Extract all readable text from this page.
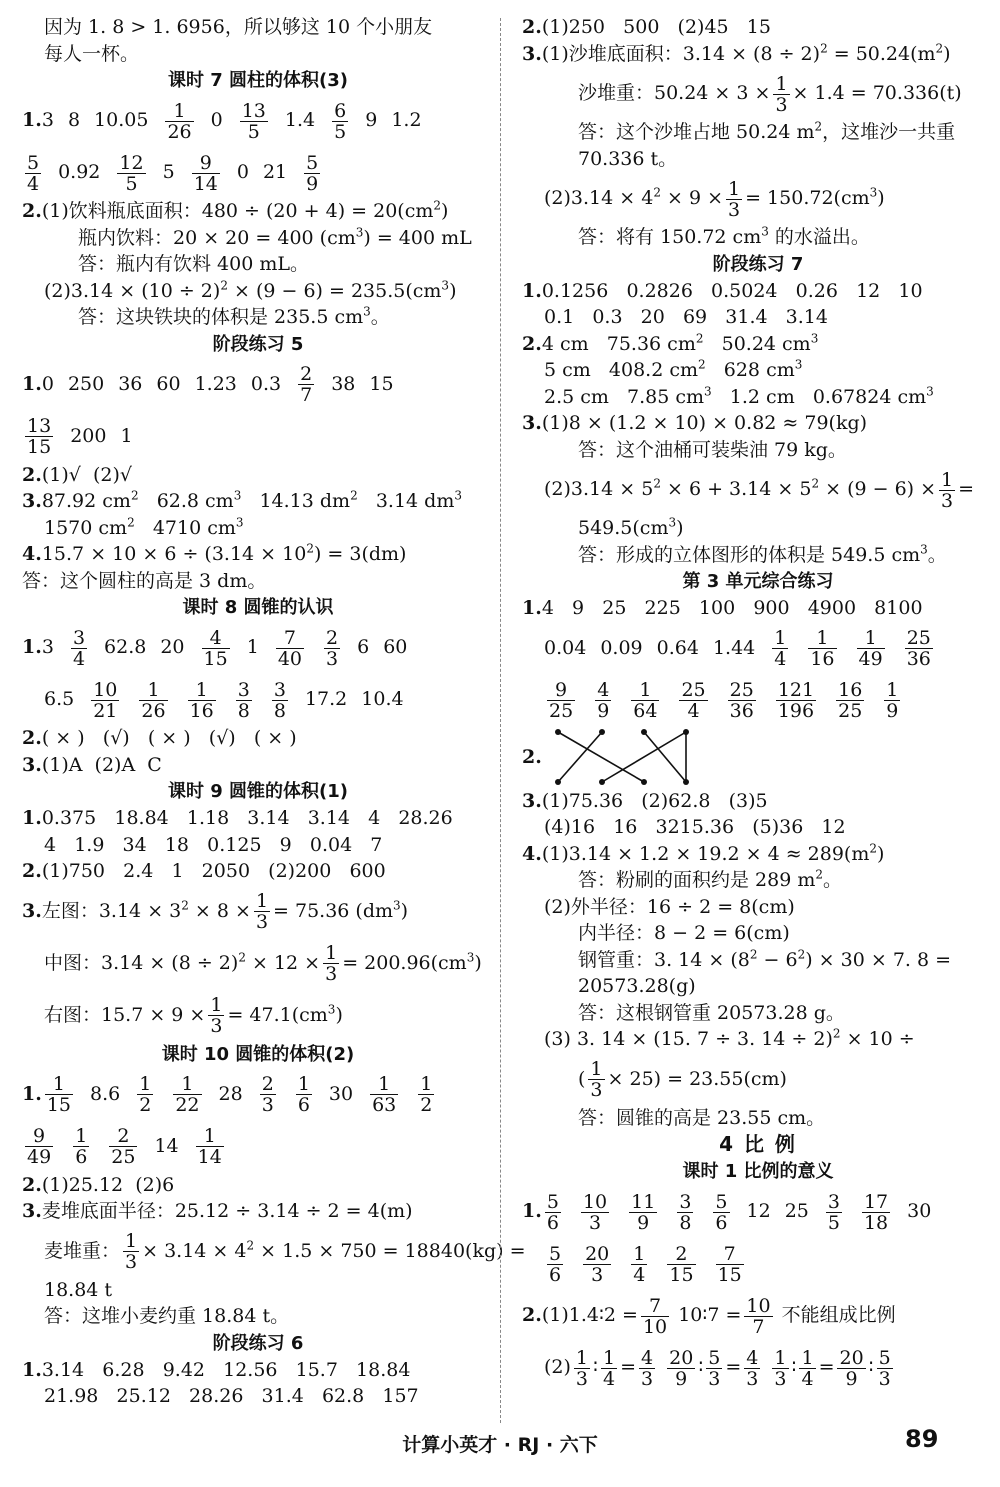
因为 1. 8 > 1. 6956，所以够这 10 个小朋友
每人一杯。
课时 7 圆柱的体积(3)
1.3 8 $10.05 \frac{1}{26} 0 \frac{13}{5} 1.4 \frac{6}{5} 9$ 1.2
$\frac{5}{4} 0.92 \frac{12}{5} 5 \frac{9}{14} 0$ $21 \frac{5}{9}$
2.(1)饮料瓶底面积：$480 \div (20 + 4) = 20(cm^2)$
瓶内饮料：20 × 20 = 400 $(cm^3) = 400$ mL
答：瓶内有饮料 400 mL。
$(2)3.14 \times (10 \div 2)^2 \times (9 - 6) = 235.5(cm^3)$
答：这块铁块的体积是 235.5 $cm^3$。
阶段练习 5
1.0 250 36 60 1.23 $0.3 \frac{2}{7} 38$ 15
$\frac{13}{15} 200$ 1
2.(1)√  (2)√
3.87.92 $cm^2$   62.8 $cm^3$   14.13 $dm^2$   3.14 $dm^3$
1570 $cm^2$   4710 $cm^3$
$4.15.7 \times 10 \times 6 \div (3.14 \times 10^2) = 3(dm)$
答：这个圆柱的高是 3 dm。
课时 8 圆锥的认识
$1.3 \frac{3}{4} 62.8$ $20 \frac{4}{15} 1 \frac{7}{40} \frac{2}{3} 6$ 60
$6.5 \frac{10}{21} \frac{1}{26} \frac{1}{16} \frac{3}{8} \frac{3}{8} 17.2$ 10.4
2.( × )   (√)   ( × )   (√)   ( × )
3.(1)A  (2)A  C
课时 9 圆锥的体积(1)
1.0.375   18.84   1.18   3.14   3.14   4   28.26
4   1.9   34   18   0.125   9   0.04   7
2.(1)750   2.4   1   2050   (2)200   600
3.左图：$3.14 \times 3^2 \times 8 \times \frac{1}{3} = 75.36$ $(dm^3)$
中图：$3.14 \times (8 \div 2)^2 \times 12 \times \frac{1}{3} = 200.96(cm^3)$
右图：$15.7 \times 9 \times \frac{1}{3} = 47.1(cm^3)$
课时 10 圆锥的体积(2)
1. $\frac{1}{15} 8.6 \frac{1}{2} \frac{1}{22} 28 \frac{2}{3} \frac{1}{6} 30 \frac{1}{63} \frac{1}{2}$
$\frac{9}{49} \frac{1}{6} \frac{2}{25} 14 \frac{1}{14}$
2.(1)25.12  (2)6
3.麦堆底面半径：25.12 ÷ 3.14 ÷ 2 = 4(m)
麦堆重： $\frac{1}{3} \times 3.14 \times 4^2 \times 1.5 \times 750 = 18840(kg)$ =
18.84 t
答：这堆小麦约重 18.84 t。
阶段练习 6
1.3.14   6.28   9.42   12.56   15.7   18.84
21.98   25.12   28.26   31.4   62.8   157
2.(1)250   500   (2)45   15
3.(1)沙堆底面积：$3.14 \times (8 \div 2)^2 = 50.24(m^2)$
沙堆重：$50.24 \times 3 \times \frac{1}{3} \times 1.4 = 70.336(t)$
答：这个沙堆占地 50.24 $m^2$，这堆沙一共重
70.336 t。
$(2)3.14 \times 4^2 \times 9 \times \frac{1}{3} = 150.72(cm^3)$
答：将有 150.72 $cm^3$ 的水溢出。
阶段练习 7
1.0.1256   0.2826   0.5024   0.26   12   10
0.1   0.3   20   69   31.4   3.14
2.4 cm   75.36 $cm^2$   50.24 $cm^3$
5 cm   408.2 $cm^2$   628 $cm^3$
2.5 cm   7.85 $cm^3$   1.2 cm   0.67824 $cm^3$
3.(1)8 × (1.2 × 10) × 0.82 ≈ 79(kg)
答：这个油桶可装柴油 79 kg。
$(2)3.14 \times 5^2 \times 6 + 3.14 \times 5^2 \times (9 - 6) \times \frac{1}{3}$ =
$549.5(cm^3)$
答：形成的立体图形的体积是 549.5 $cm^3$。
第 3 单元综合练习
1.4   9   25   225   100   900   4900   8100
0.04 0.09 0.64 $1.44 \frac{1}{4} \frac{1}{16} \frac{1}{49} \frac{25}{36}$
$\frac{9}{25} \frac{4}{9} \frac{1}{64} \frac{25}{4} \frac{25}{36} \frac{121}{196} \frac{16}{25} \frac{1}{9}$
2.
3.(1)75.36   (2)62.8   (3)5
(4)16   16   3215.36   (5)36   12
$4.(1)3.14 \times 1.2 \times 19.2 \times 4 \approx 289(m^2)$
答：粉刷的面积约是 289 $m^2$。
(2)外半径：16 ÷ 2 = 8(cm)
内半径：8 − 2 = 6(cm)
钢管重：3. $14 \times (8^2 - 6^2) \times 30 \times 7$. 8 =
20573.28(g)
答：这根钢管重 20573.28 g。
(3) 3. 14 × (15. 7 ÷ 3. 14 ÷ 2)$^2$ × 10 ÷
( $\frac{1}{3} \times 25) = 23.55(cm)$
答：圆锥的高是 23.55 cm。
4 比 例
课时 1 比例的意义
1. $\frac{5}{6} \frac{10}{3} \frac{11}{9} \frac{3}{8} \frac{5}{6} 12$ $25 \frac{3}{5} \frac{17}{18} 30$
$\frac{5}{6} \frac{20}{3} \frac{1}{4} \frac{2}{15} \frac{7}{15}$
2.(1)1.4∶2 = $\frac{7}{10}$ 10∶7 = $\frac{10}{7}$ 不能组成比例
$(2) \frac{1}{3}$ ∶ $\frac{1}{4} = \frac{4}{3}$
$\frac{20}{9}$ ∶ $\frac{5}{3} = \frac{4}{3}$
$\frac{1}{3}$ ∶ $\frac{1}{4} = \frac{20}{9}$ ∶ $\frac{5}{3}$
计算小英才 · RJ · 六下	89
